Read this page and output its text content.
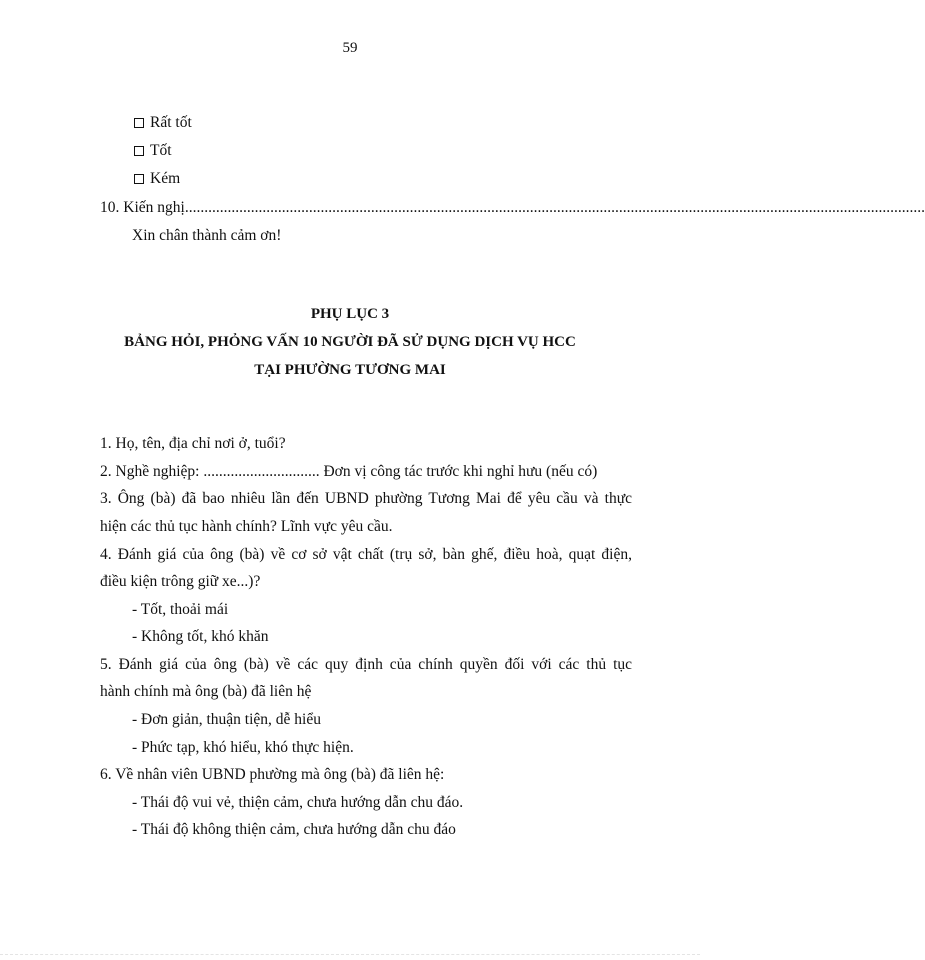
59
Rất tốt
Tốt
Kém
10. Kiến nghị ...............................................................................................................................................................................................
Xin chân thành cảm ơn!
PHỤ LỤC 3
BẢNG HỎI, PHỎNG VẤN 10 NGƯỜI ĐÃ SỬ DỤNG DỊCH VỤ HCC
TẠI PHƯỜNG TƯƠNG MAI
1. Họ, tên, địa chỉ nơi ở, tuổi?
2. Nghề nghiệp: .............................. Đơn vị công tác trước khi nghỉ hưu (nếu có)
3. Ông (bà) đã bao nhiêu lần đến UBND phường Tương Mai để yêu cầu và thực
hiện các thủ tục hành chính? Lĩnh vực yêu cầu.
4. Đánh giá của ông (bà) về cơ sở vật chất (trụ sở, bàn ghế, điều hoà, quạt điện,
điều kiện trông giữ xe...)?
- Tốt, thoải mái
- Không tốt, khó khăn
5. Đánh giá của ông (bà) về các quy định của chính quyền đối với các thủ tục
hành chính mà ông (bà) đã liên hệ
- Đơn giản, thuận tiện, dễ hiểu
- Phức tạp, khó hiểu, khó thực hiện.
6. Về nhân viên UBND phường mà ông (bà) đã liên hệ:
- Thái độ vui vẻ, thiện cảm, chưa hướng dẫn chu đáo.
- Thái độ không thiện cảm, chưa hướng dẫn chu đáo
